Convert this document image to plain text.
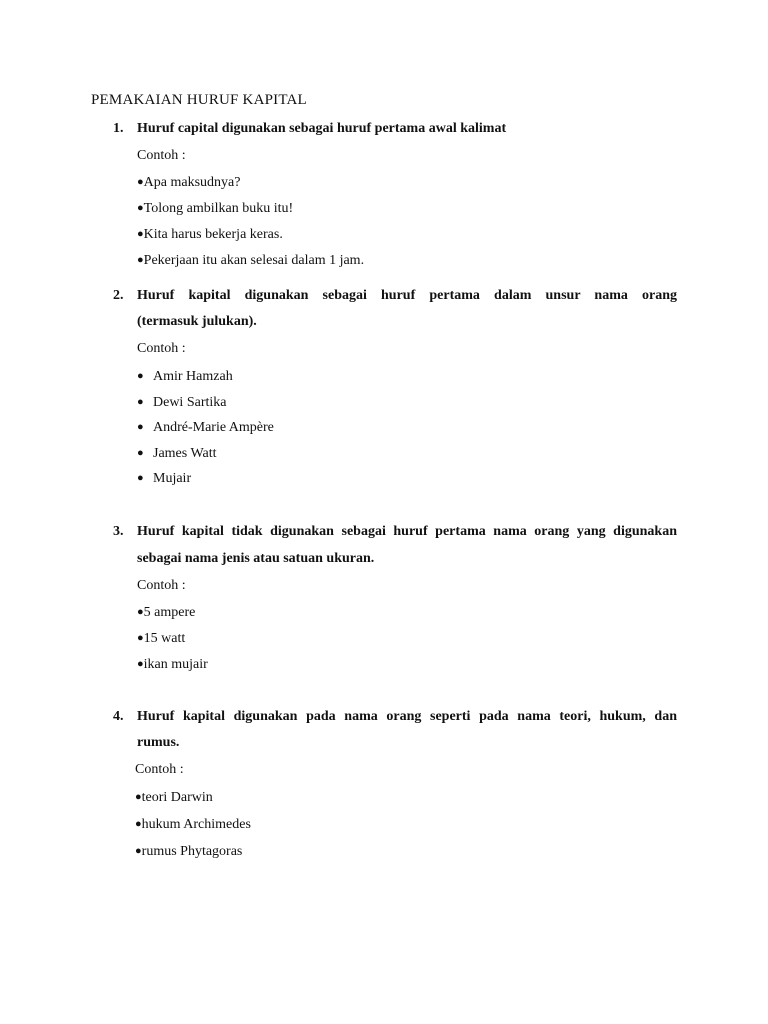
PEMAKAIAN HURUF KAPITAL
1. Huruf capital digunakan sebagai huruf pertama awal kalimat
Contoh :
●Apa maksudnya?
●Tolong ambilkan buku itu!
●Kita harus bekerja keras.
●Pekerjaan itu akan selesai dalam 1 jam.
2. Huruf kapital digunakan sebagai huruf pertama dalam unsur nama orang
(termasuk julukan).
Contoh :
● Amir Hamzah
● Dewi Sartika
● André-Marie Ampère
● James Watt
● Mujair
3. Huruf kapital tidak digunakan sebagai huruf pertama nama orang yang digunakan
sebagai nama jenis atau satuan ukuran.
Contoh :
●5 ampere
●15 watt
●ikan mujair
4. Huruf kapital digunakan pada nama orang seperti pada nama teori, hukum, dan
rumus.
Contoh :
●teori Darwin
●hukum Archimedes
●rumus Phytagoras
